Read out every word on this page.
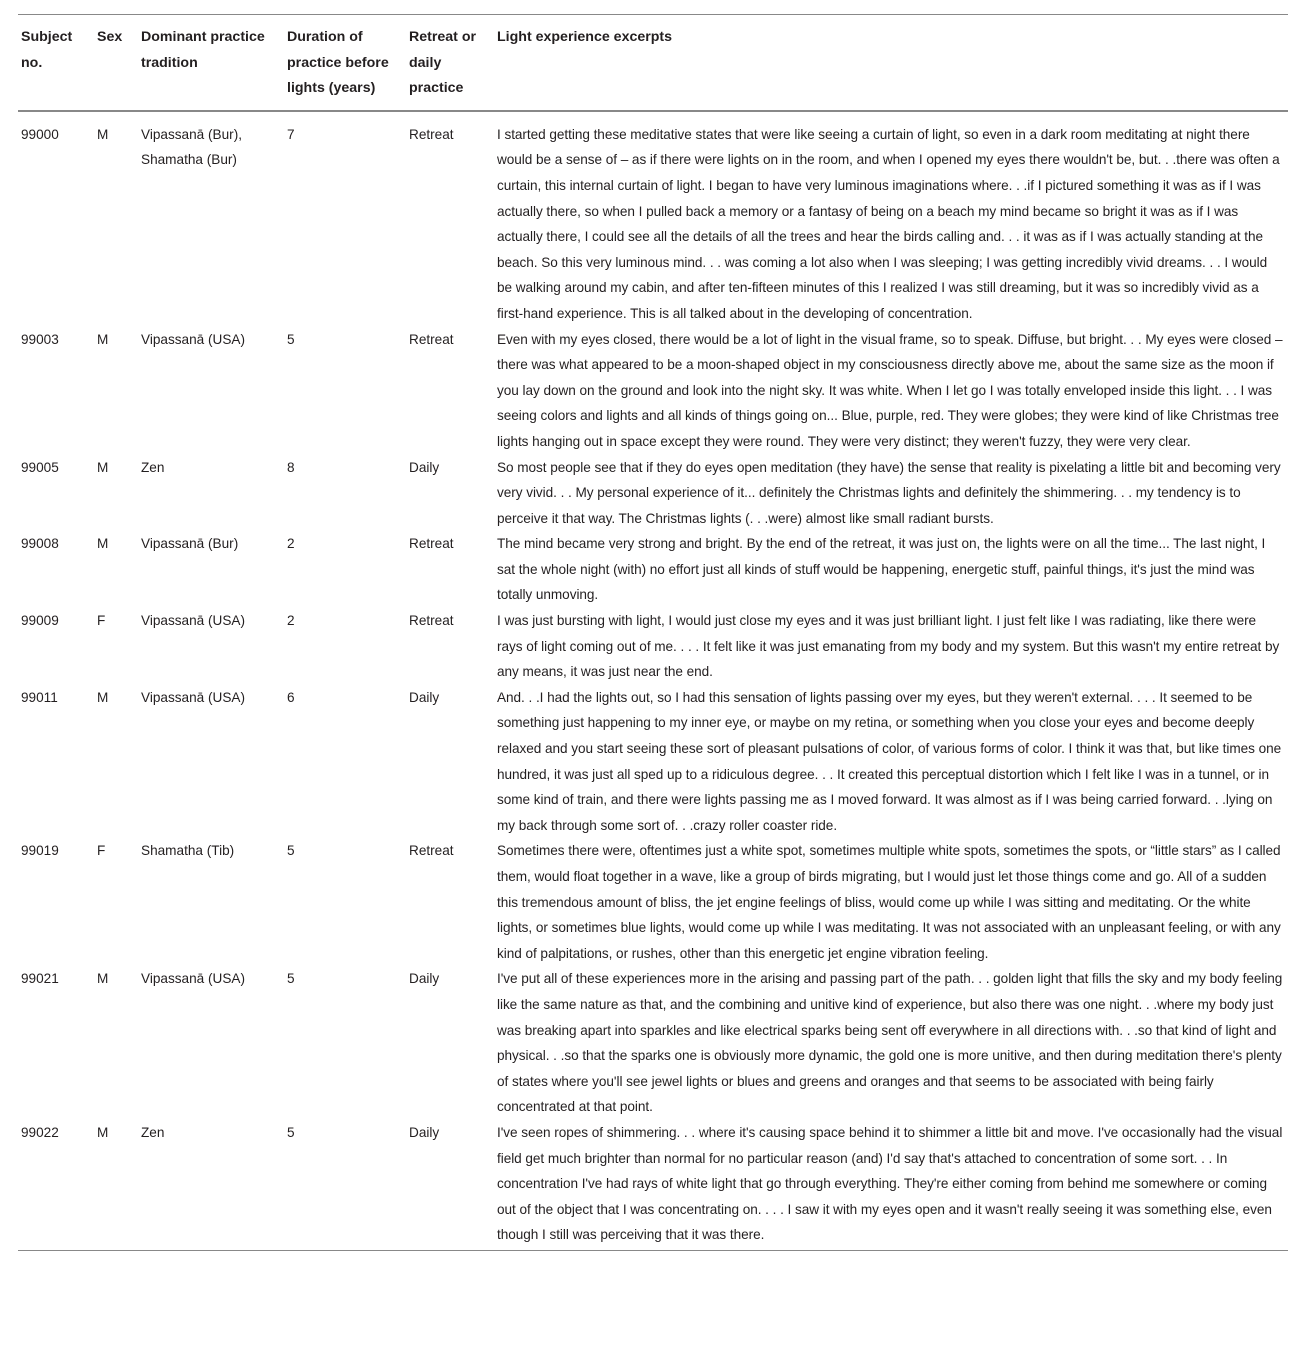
Subject no.	Sex	Dominant practice tradition	Duration of practice before lights (years)	Retreat or daily practice	Light experience excerpts
99000	M	Vipassanā (Bur), Shamatha (Bur)	7	Retreat	I started getting these meditative states that were like seeing a curtain of light, so even in a dark room meditating at night there would be a sense of – as if there were lights on in the room, and when I opened my eyes there wouldn't be, but. . .there was often a curtain, this internal curtain of light. I began to have very luminous imaginations where. . .if I pictured something it was as if I was actually there, so when I pulled back a memory or a fantasy of being on a beach my mind became so bright it was as if I was actually there, I could see all the details of all the trees and hear the birds calling and. . . it was as if I was actually standing at the beach. So this very luminous mind. . . was coming a lot also when I was sleeping; I was getting incredibly vivid dreams. . . I would be walking around my cabin, and after ten-fifteen minutes of this I realized I was still dreaming, but it was so incredibly vivid as a first-hand experience. This is all talked about in the developing of concentration.
99003	M	Vipassanā (USA)	5	Retreat	Even with my eyes closed, there would be a lot of light in the visual frame, so to speak. Diffuse, but bright. . . My eyes were closed – there was what appeared to be a moon-shaped object in my consciousness directly above me, about the same size as the moon if you lay down on the ground and look into the night sky. It was white. When I let go I was totally enveloped inside this light. . . I was seeing colors and lights and all kinds of things going on... Blue, purple, red. They were globes; they were kind of like Christmas tree lights hanging out in space except they were round. They were very distinct; they weren't fuzzy, they were very clear.
99005	M	Zen	8	Daily	So most people see that if they do eyes open meditation (they have) the sense that reality is pixelating a little bit and becoming very very vivid. . . My personal experience of it... definitely the Christmas lights and definitely the shimmering. . . my tendency is to perceive it that way. The Christmas lights (. . .were) almost like small radiant bursts.
99008	M	Vipassanā (Bur)	2	Retreat	The mind became very strong and bright. By the end of the retreat, it was just on, the lights were on all the time... The last night, I sat the whole night (with) no effort just all kinds of stuff would be happening, energetic stuff, painful things, it's just the mind was totally unmoving.
99009	F	Vipassanā (USA)	2	Retreat	I was just bursting with light, I would just close my eyes and it was just brilliant light. I just felt like I was radiating, like there were rays of light coming out of me. . . . It felt like it was just emanating from my body and my system. But this wasn't my entire retreat by any means, it was just near the end.
99011	M	Vipassanā (USA)	6	Daily	And. . .I had the lights out, so I had this sensation of lights passing over my eyes, but they weren't external. . . . It seemed to be something just happening to my inner eye, or maybe on my retina, or something when you close your eyes and become deeply relaxed and you start seeing these sort of pleasant pulsations of color, of various forms of color. I think it was that, but like times one hundred, it was just all sped up to a ridiculous degree. . . It created this perceptual distortion which I felt like I was in a tunnel, or in some kind of train, and there were lights passing me as I moved forward. It was almost as if I was being carried forward. . .lying on my back through some sort of. . .crazy roller coaster ride.
99019	F	Shamatha (Tib)	5	Retreat	Sometimes there were, oftentimes just a white spot, sometimes multiple white spots, sometimes the spots, or “little stars” as I called them, would float together in a wave, like a group of birds migrating, but I would just let those things come and go. All of a sudden this tremendous amount of bliss, the jet engine feelings of bliss, would come up while I was sitting and meditating. Or the white lights, or sometimes blue lights, would come up while I was meditating. It was not associated with an unpleasant feeling, or with any kind of palpitations, or rushes, other than this energetic jet engine vibration feeling.
99021	M	Vipassanā (USA)	5	Daily	I've put all of these experiences more in the arising and passing part of the path. . . golden light that fills the sky and my body feeling like the same nature as that, and the combining and unitive kind of experience, but also there was one night. . .where my body just was breaking apart into sparkles and like electrical sparks being sent off everywhere in all directions with. . .so that kind of light and physical. . .so that the sparks one is obviously more dynamic, the gold one is more unitive, and then during meditation there's plenty of states where you'll see jewel lights or blues and greens and oranges and that seems to be associated with being fairly concentrated at that point.
99022	M	Zen	5	Daily	I've seen ropes of shimmering. . . where it's causing space behind it to shimmer a little bit and move. I've occasionally had the visual field get much brighter than normal for no particular reason (and) I'd say that's attached to concentration of some sort. . . In concentration I've had rays of white light that go through everything. They're either coming from behind me somewhere or coming out of the object that I was concentrating on. . . . I saw it with my eyes open and it wasn't really seeing it was something else, even though I still was perceiving that it was there.
